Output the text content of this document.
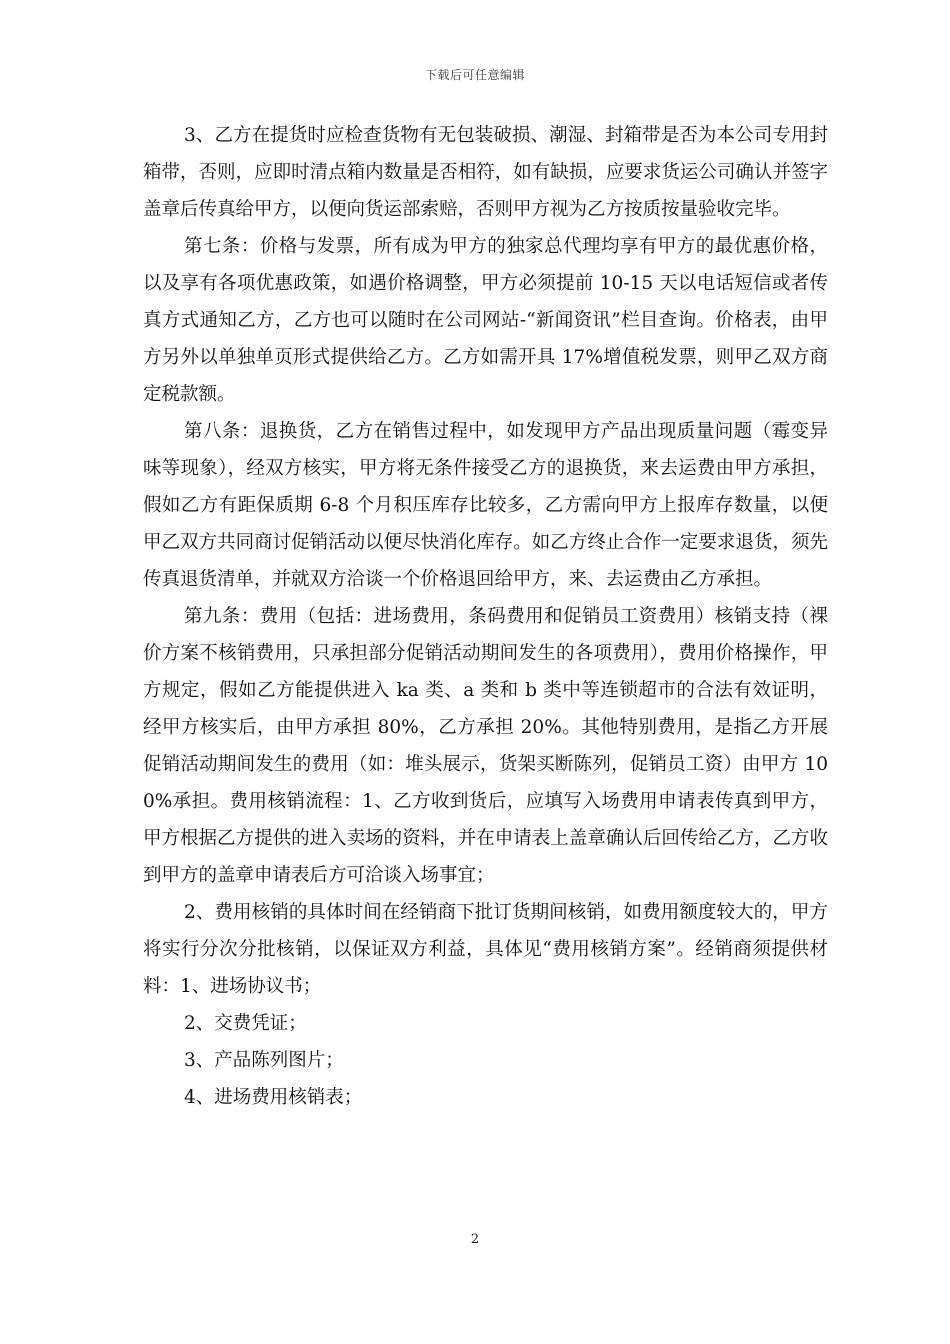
下载后可任意编辑

3、乙方在提货时应检查货物有无包装破损、潮湿、封箱带是否为本公司专用封箱带，否则，应即时清点箱内数量是否相符，如有缺损，应要求货运公司确认并签字盖章后传真给甲方，以便向货运部索赔，否则甲方视为乙方按质按量验收完毕。

第七条：价格与发票，所有成为甲方的独家总代理均享有甲方的最优惠价格，以及享有各项优惠政策，如遇价格调整，甲方必须提前 10-15 天以电话短信或者传真方式通知乙方，乙方也可以随时在公司网站-“新闻资讯”栏目查询。价格表，由甲方另外以单独单页形式提供给乙方。乙方如需开具 17%增值税发票，则甲乙双方商定税款额。

第八条：退换货，乙方在销售过程中，如发现甲方产品出现质量问题（霉变异味等现象），经双方核实，甲方将无条件接受乙方的退换货，来去运费由甲方承担，假如乙方有距保质期 6-8 个月积压库存比较多，乙方需向甲方上报库存数量，以便甲乙双方共同商讨促销活动以便尽快消化库存。如乙方终止合作一定要求退货，须先传真退货清单，并就双方洽谈一个价格退回给甲方，来、去运费由乙方承担。

第九条：费用（包括：进场费用，条码费用和促销员工资费用）核销支持（裸价方案不核销费用，只承担部分促销活动期间发生的各项费用），费用价格操作，甲方规定，假如乙方能提供进入 ka 类、a 类和 b 类中等连锁超市的合法有效证明，经甲方核实后，由甲方承担 80%，乙方承担 20%。其他特别费用，是指乙方开展促销活动期间发生的费用（如：堆头展示，货架买断陈列，促销员工资）由甲方 100%承担。费用核销流程：1、乙方收到货后，应填写入场费用申请表传真到甲方，甲方根据乙方提供的进入卖场的资料，并在申请表上盖章确认后回传给乙方，乙方收到甲方的盖章申请表后方可洽谈入场事宜；

2、费用核销的具体时间在经销商下批订货期间核销，如费用额度较大的，甲方将实行分次分批核销，以保证双方利益，具体见“费用核销方案”。经销商须提供材料：1、进场协议书；

2、交费凭证；

3、产品陈列图片；

4、进场费用核销表；

2
